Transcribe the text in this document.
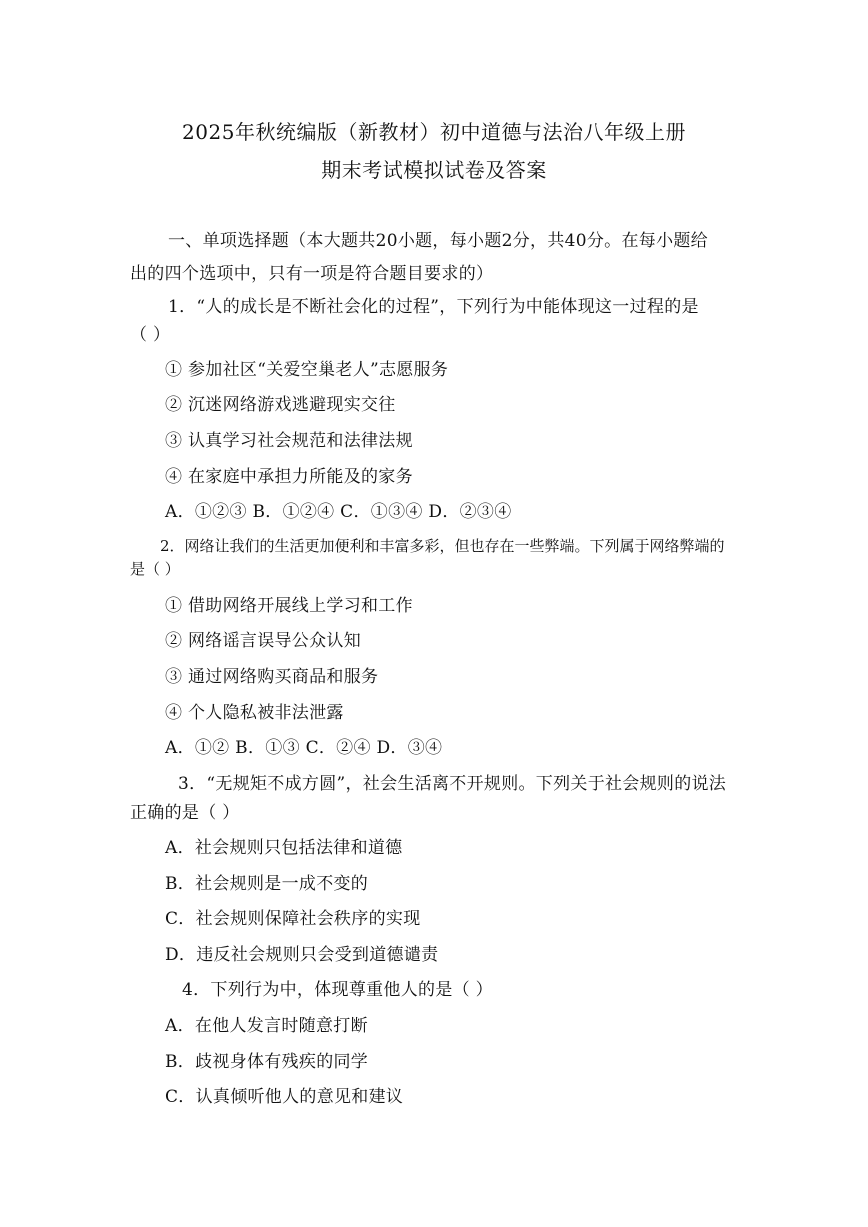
2025年秋统编版（新教材）初中道德与法治八年级上册
期末考试模拟试卷及答案
一、单项选择题（本大题共20小题，每小题2分，共40分。在每小题给
出的四个选项中，只有一项是符合题目要求的）
1．“人的成长是不断社会化的过程”，下列行为中能体现这一过程的是
（ ）
① 参加社区“关爱空巢老人”志愿服务
② 沉迷网络游戏逃避现实交往
③ 认真学习社会规范和法律法规
④ 在家庭中承担力所能及的家务
A．①②③ B．①②④ C．①③④ D．②③④
2．网络让我们的生活更加便利和丰富多彩，但也存在一些弊端。下列属于网络弊端的
是（ ）
① 借助网络开展线上学习和工作
② 网络谣言误导公众认知
③ 通过网络购买商品和服务
④ 个人隐私被非法泄露
A．①② B．①③ C．②④ D．③④
3．“无规矩不成方圆”，社会生活离不开规则。下列关于社会规则的说法
正确的是（ ）
A．社会规则只包括法律和道德
B．社会规则是一成不变的
C．社会规则保障社会秩序的实现
D．违反社会规则只会受到道德谴责
4．下列行为中，体现尊重他人的是（ ）
A．在他人发言时随意打断
B．歧视身体有残疾的同学
C．认真倾听他人的意见和建议
